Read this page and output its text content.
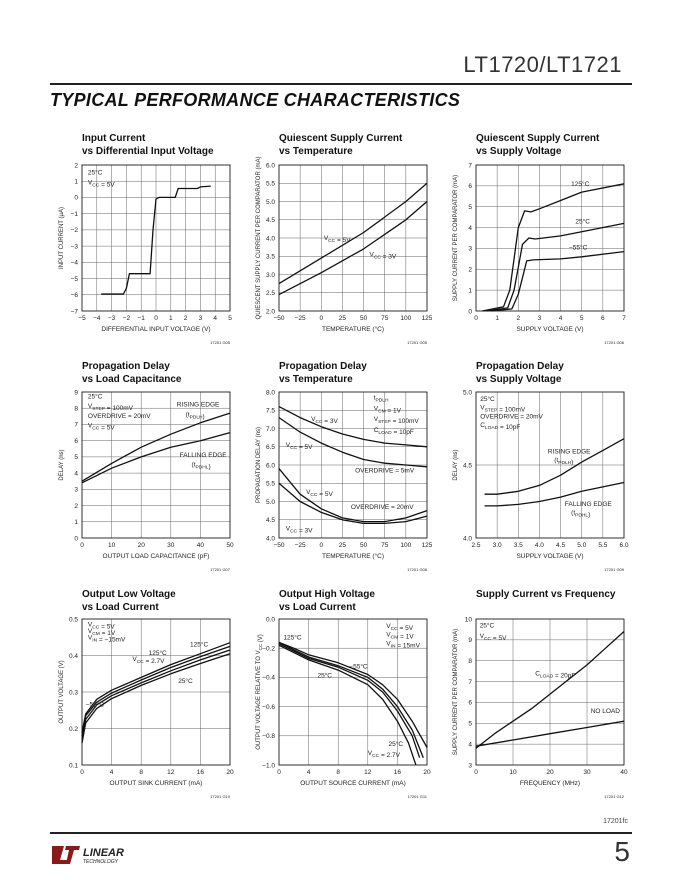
LT1720/LT1721
TYPICAL PERFORMANCE CHARACTERISTICS
Input Current
vs Differential Input Voltage
−5 −4 −3 −2 −1 0 1 2 3 4 5
−7
−6
−5
−4
−3
−2
−1
0
1
2
DIFFERENTIAL INPUT VOLTAGE (V)
INPUT CURRENT (µA)
17201 G05
25°C
$V_{CC} = 5V$
Quiescent Supply Current
vs Temperature
−50 −25 0 25 50 75 100 125
2.0
2.5
3.0
3.5
4.0
4.5
5.0
5.5
6.0
TEMPERATURE (°C)
QUIESCENT SUPPLY CURRENT PER COMPARATOR (mA)
17201 G05
$V_{CC} = 5V$
$V_{CC} = 3V$
Quiescent Supply Current
vs Supply Voltage
0	1	2	3	4	5	6	7
0
1
2
3
4
5
6
7
SUPPLY VOLTAGE (V)
SUPPLY CURRENT PER COMPARATOR (mA)
17201 G06
125°C
25°C
−55°C
Propagation Delay
vs Load Capacitance
0	10	20	30	40	50
0
1
2
3
4
5
6
7
8
9
OUTPUT LOAD CAPACITANCE (pF)
DELAY (ns)
17201 G07
25°C
$V_{STEP} = 100mV$
OVERDRIVE = 20mV
$V_{CC} = 5V$
RISING EDGE
$(t_{PDLH})$
FALLING EDGE
$(t_{PDHL})$
Propagation Delay
vs Temperature
−50 −25 0 25 50 75 100 125
4.0
4.5
5.0
5.5
6.0
6.5
7.0
7.5
8.0
TEMPERATURE (°C)
PROPAGATION DELAY (ns)
17201 G08
$t_{PDLH}$
$V_{CM} = 1V$
$V_{STEP} = 100mV$
$C_{LOAD} = 10pF$
$V_{CC} = 3V$
$V_{CC} = 5V$
OVERDRIVE = 5mV
$V_{CC} = 5V$
OVERDRIVE = 20mV
$V_{CC} = 3V$
Propagation Delay
vs Supply Voltage
2.5 3.0 3.5 4.0 4.5 5.0 5.5 6.0
4.0
4.5
5.0
SUPPLY VOLTAGE (V)
DELAY (ns)
17201 G09
25°C
$V_{STEP} = 100mV$
OVERDRIVE = 20mV
$C_{LOAD} = 10pF$
RISING EDGE
$(t_{PDLH})$
FALLING EDGE
$(t_{PDHL})$
Output Low Voltage
vs Load Current
0	4	8	12	16	20
0.1
0.2
0.3
0.4
0.5
OUTPUT SINK CURRENT (mA)
OUTPUT VOLTAGE (V)
17201 G10
$V_{CC} = 5V$
$V_{CM} = 1V$
$V_{IN} = -15mV$
125°C
125°C
$V_{CC} = 2.7V$
25°C
−55°C
Output High Voltage
vs Load Current
0	4	8	12	16	20
−1.0
−0.8
−0.6
−0.4
−0.2
0.0
OUTPUT SOURCE CURRENT (mA)
OUTPUT VOLTAGE RELATIVE TO $V_{CC}$ (V)
17201 G11
$V_{CC} = 5V$
$V_{CM} = 1V$
$V_{IN} = 15mV$
125°C
−55°C
25°C
25°C
$V_{CC} = 2.7V$
Supply Current vs Frequency
0	10	20	30	40
3
4
5
6
7
8
9
10
FREQUENCY (MHz)
SUPPLY CURRENT PER COMPARATOR (mA)
17201 G12
25°C
$V_{CC} = 5V$
$C_{LOAD} = 20pF$
NO LOAD
17201fc
LINEAR
TECHNOLOGY	5
